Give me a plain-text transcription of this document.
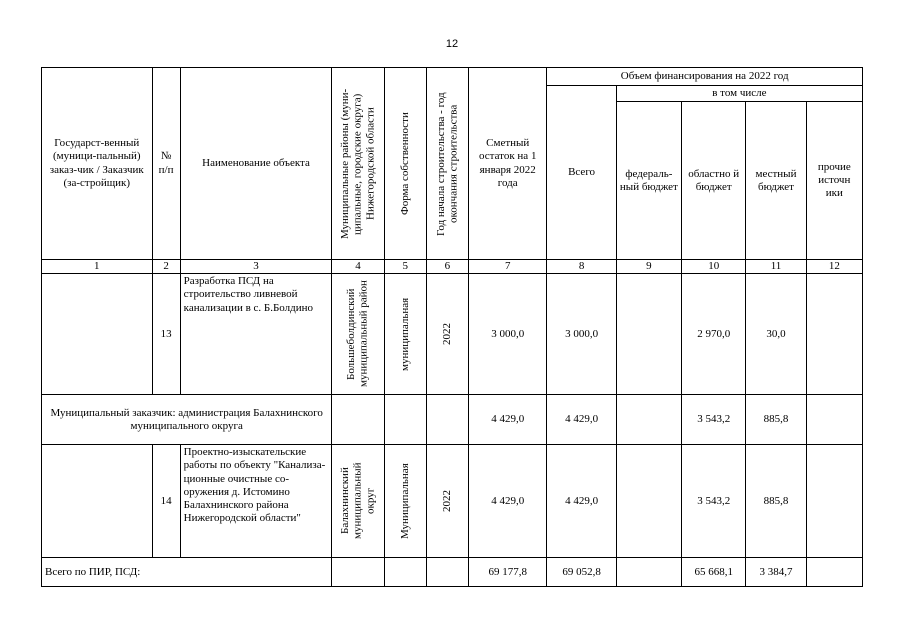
12
Государст-венный (муници-пальный) заказ-чик / Заказчик (за-стройщик)	№ п/п	Наименование объекта	Муниципальные районы (муни-ципальные, городские округа) Нижегородской области	Форма собственности	Год начала строительства - год окончания строительства	Сметный остаток на 1 января 2022 года	Объем финансирования на 2022 год				
							Всего	в том числе			
								федераль-ный бюджет	областно й бюджет	местный бюджет	прочие источн ики
1	2	3	4	5	6	7	8	9	10	11	12
	13	Разработка ПСД на строительство ливневой канализации в с. Б.Болдино	Большеболдинский муниципальный район	муниципальная	2022	3 000,0	3 000,0		2 970,0	30,0	
Муниципальный заказчик: администрация Балахнинского муниципального округа						4 429,0	4 429,0		3 543,2	885,8	
	14	Проектно-изыскательские работы по объекту "Канализа-ционные очистные со-оружения д. Истомино Балахнинского района Нижегородской области"	Балахнинский муниципальный округ	Муниципальная	2022	4 429,0	4 429,0		3 543,2	885,8	
Всего по ПИР, ПСД:						69 177,8	69 052,8		65 668,1	3 384,7	
